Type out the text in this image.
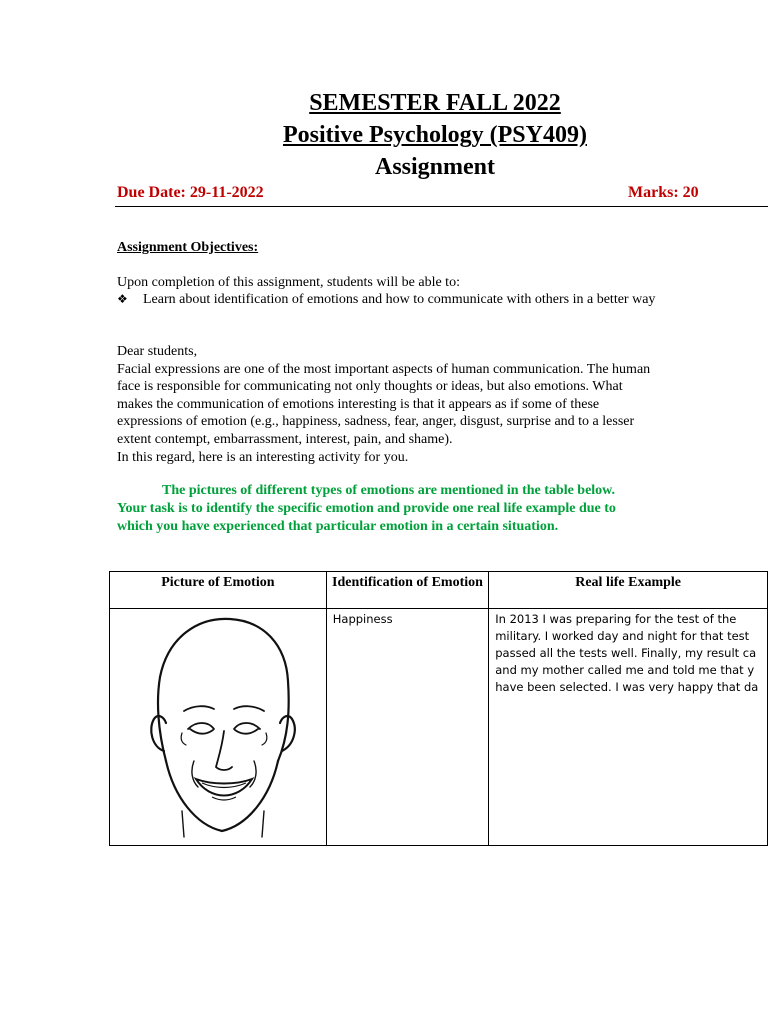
SEMESTER FALL 2022
Positive Psychology (PSY409)
Assignment
Due Date: 29-11-2022	Marks: 20
Assignment Objectives:
Upon completion of this assignment, students will be able to:
❖ Learn about identification of emotions and how to communicate with others in a better way
Dear students,
Facial expressions are one of the most important aspects of human communication. The human face is responsible for communicating not only thoughts or ideas, but also emotions. What makes the communication of emotions interesting is that it appears as if some of these expressions of emotion (e.g., happiness, sadness, fear, anger, disgust, surprise and to a lesser extent contempt, embarrassment, interest, pain, and shame).
In this regard, here is an interesting activity for you.
The pictures of different types of emotions are mentioned in the table below. Your task is to identify the specific emotion and provide one real life example due to which you have experienced that particular emotion in a certain situation.
Picture of Emotion	Identification of Emotion	Real life Example

Happiness	In 2013 I was preparing for the test of the
military. I worked day and night for that test
passed all the tests well. Finally, my result ca
and my mother called me and told me that y
have been selected. I was very happy that da
